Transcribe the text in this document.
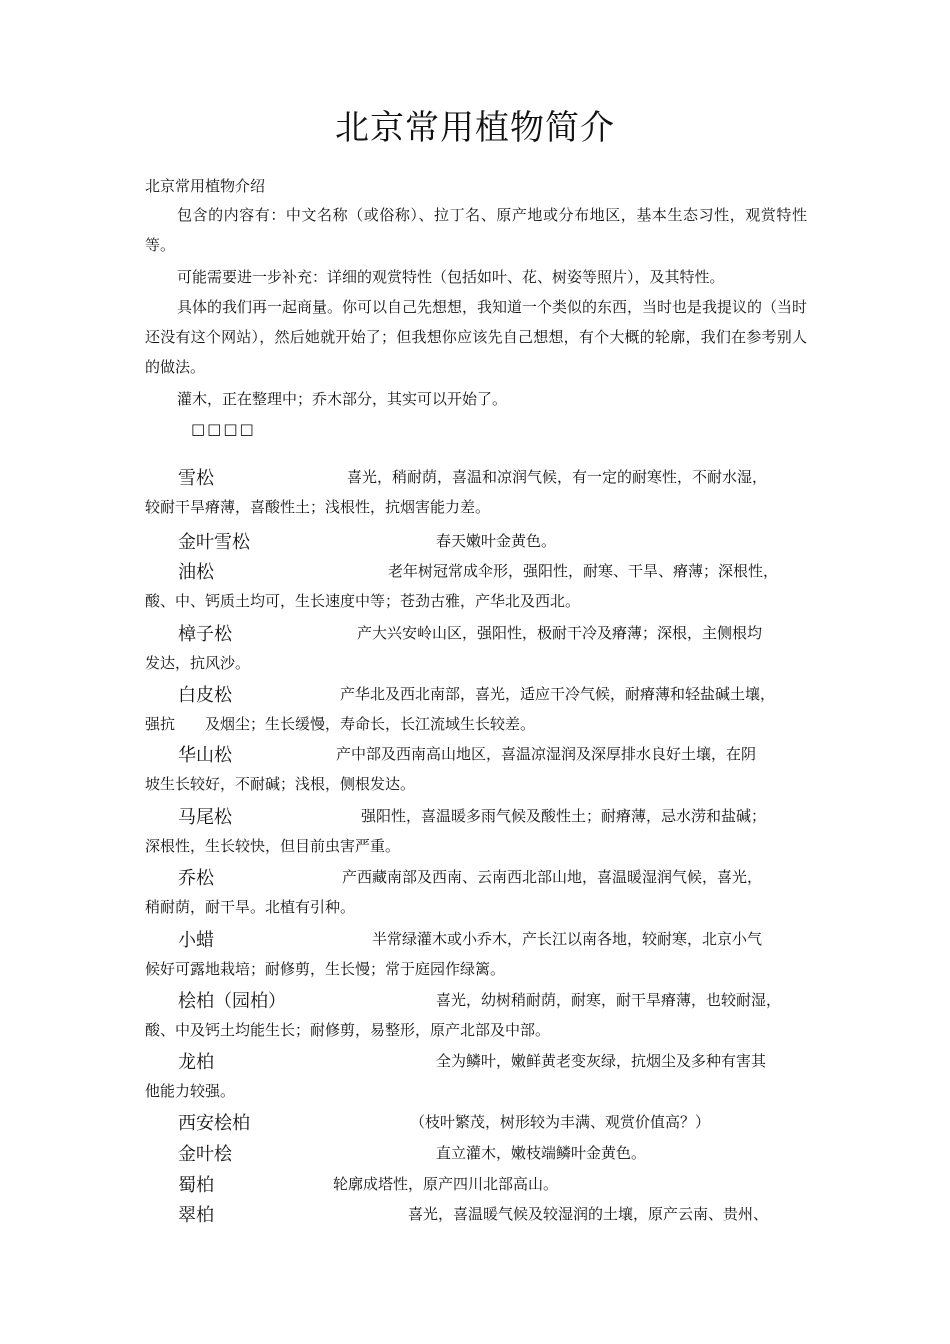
北京常用植物简介
北京常用植物介绍

包含的内容有：中文名称（或俗称）、拉丁名、原产地或分布地区，基本生态习性，观赏特性等。

可能需要进一步补充：详细的观赏特性（包括如叶、花、树姿等照片），及其特性。

具体的我们再一起商量。你可以自己先想想，我知道一个类似的东西，当时也是我提议的（当时还没有这个网站），然后她就开始了；但我想你应该先自己想想，有个大概的轮廓，我们在参考别人的做法。

灌木，正在整理中；乔木部分，其实可以开始了。

□□□□
雪松	喜光，稍耐荫，喜温和凉润气候，有一定的耐寒性，不耐水湿，
较耐干旱瘠薄，喜酸性土；浅根性，抗烟害能力差。
金叶雪松	春天嫩叶金黄色。
油松	老年树冠常成伞形，强阳性，耐寒、干旱、瘠薄；深根性，
酸、中、钙质土均可，生长速度中等；苍劲古雅，产华北及西北。
樟子松	产大兴安岭山区，强阳性，极耐干冷及瘠薄；深根，主侧根均
发达，抗风沙。
白皮松	产华北及西北南部，喜光，适应干冷气候，耐瘠薄和轻盐碱土壤，
强抗　　及烟尘；生长缓慢，寿命长，长江流域生长较差。
华山松	产中部及西南高山地区，喜温凉湿润及深厚排水良好土壤，在阴
坡生长较好，不耐碱；浅根，侧根发达。
马尾松	强阳性，喜温暖多雨气候及酸性土；耐瘠薄，忌水涝和盐碱；
深根性，生长较快，但目前虫害严重。
乔松	产西藏南部及西南、云南西北部山地，喜温暖湿润气候，喜光，
稍耐荫，耐干旱。北植有引种。
小蜡	半常绿灌木或小乔木，产长江以南各地，较耐寒，北京小气
候好可露地栽培；耐修剪，生长慢；常于庭园作绿篱。
桧柏（园柏）	喜光，幼树稍耐荫，耐寒，耐干旱瘠薄，也较耐湿，
酸、中及钙土均能生长；耐修剪，易整形，原产北部及中部。
龙柏	全为鳞叶，嫩鲜黄老变灰绿，抗烟尘及多种有害其
他能力较强。
西安桧柏	（枝叶繁茂，树形较为丰满、观赏价值高？）
金叶桧	直立灌木，嫩枝端鳞叶金黄色。
蜀柏	轮廓成塔性，原产四川北部高山。
翠柏	喜光，喜温暖气候及较湿润的土壤，原产云南、贵州、
